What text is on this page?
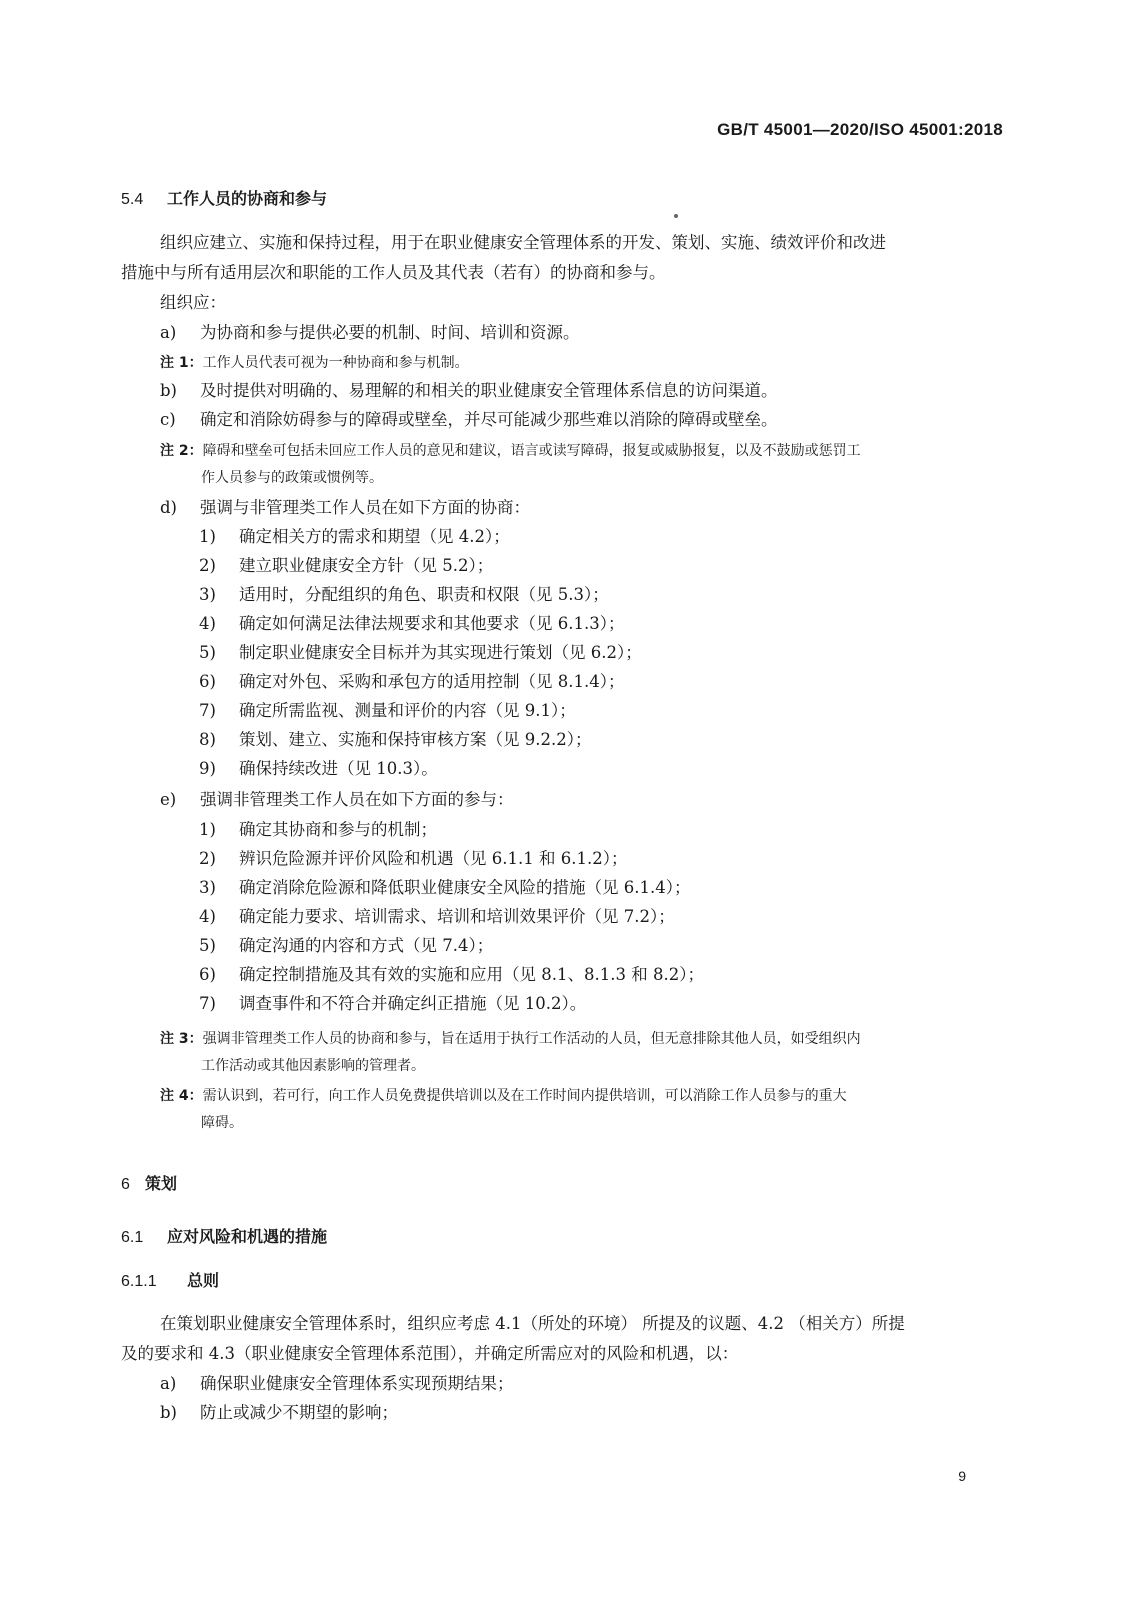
GB/T 45001—2020/ISO 45001:2018
5.4 工作人员的协商和参与
组织应建立、实施和保持过程，用于在职业健康安全管理体系的开发、策划、实施、绩效评价和改进
措施中与所有适用层次和职能的工作人员及其代表（若有）的协商和参与。
组织应：
a) 为协商和参与提供必要的机制、时间、培训和资源。
注 1：工作人员代表可视为一种协商和参与机制。
b) 及时提供对明确的、易理解的和相关的职业健康安全管理体系信息的访问渠道。
c) 确定和消除妨碍参与的障碍或壁垒，并尽可能减少那些难以消除的障碍或壁垒。
注 2：障碍和壁垒可包括未回应工作人员的意见和建议，语言或读写障碍，报复或威胁报复，以及不鼓励或惩罚工
作人员参与的政策或惯例等。
d) 强调与非管理类工作人员在如下方面的协商：
1) 确定相关方的需求和期望（见 4.2）；
2) 建立职业健康安全方针（见 5.2）；
3) 适用时，分配组织的角色、职责和权限（见 5.3）；
4) 确定如何满足法律法规要求和其他要求（见 6.1.3）；
5) 制定职业健康安全目标并为其实现进行策划（见 6.2）；
6) 确定对外包、采购和承包方的适用控制（见 8.1.4）；
7) 确定所需监视、测量和评价的内容（见 9.1）；
8) 策划、建立、实施和保持审核方案（见 9.2.2）；
9) 确保持续改进（见 10.3）。
e) 强调非管理类工作人员在如下方面的参与：
1) 确定其协商和参与的机制；
2) 辨识危险源并评价风险和机遇（见 6.1.1 和 6.1.2）；
3) 确定消除危险源和降低职业健康安全风险的措施（见 6.1.4）；
4) 确定能力要求、培训需求、培训和培训效果评价（见 7.2）；
5) 确定沟通的内容和方式（见 7.4）；
6) 确定控制措施及其有效的实施和应用（见 8.1、8.1.3 和 8.2）；
7) 调查事件和不符合并确定纠正措施（见 10.2）。
注 3：强调非管理类工作人员的协商和参与，旨在适用于执行工作活动的人员，但无意排除其他人员，如受组织内
工作活动或其他因素影响的管理者。
注 4：需认识到，若可行，向工作人员免费提供培训以及在工作时间内提供培训，可以消除工作人员参与的重大
障碍。
6 策划
6.1 应对风险和机遇的措施
6.1.1 总则
在策划职业健康安全管理体系时，组织应考虑 4.1（所处的环境） 所提及的议题、4.2 （相关方）所提
及的要求和 4.3（职业健康安全管理体系范围），并确定所需应对的风险和机遇，以：
a) 确保职业健康安全管理体系实现预期结果；
b) 防止或减少不期望的影响；
9
